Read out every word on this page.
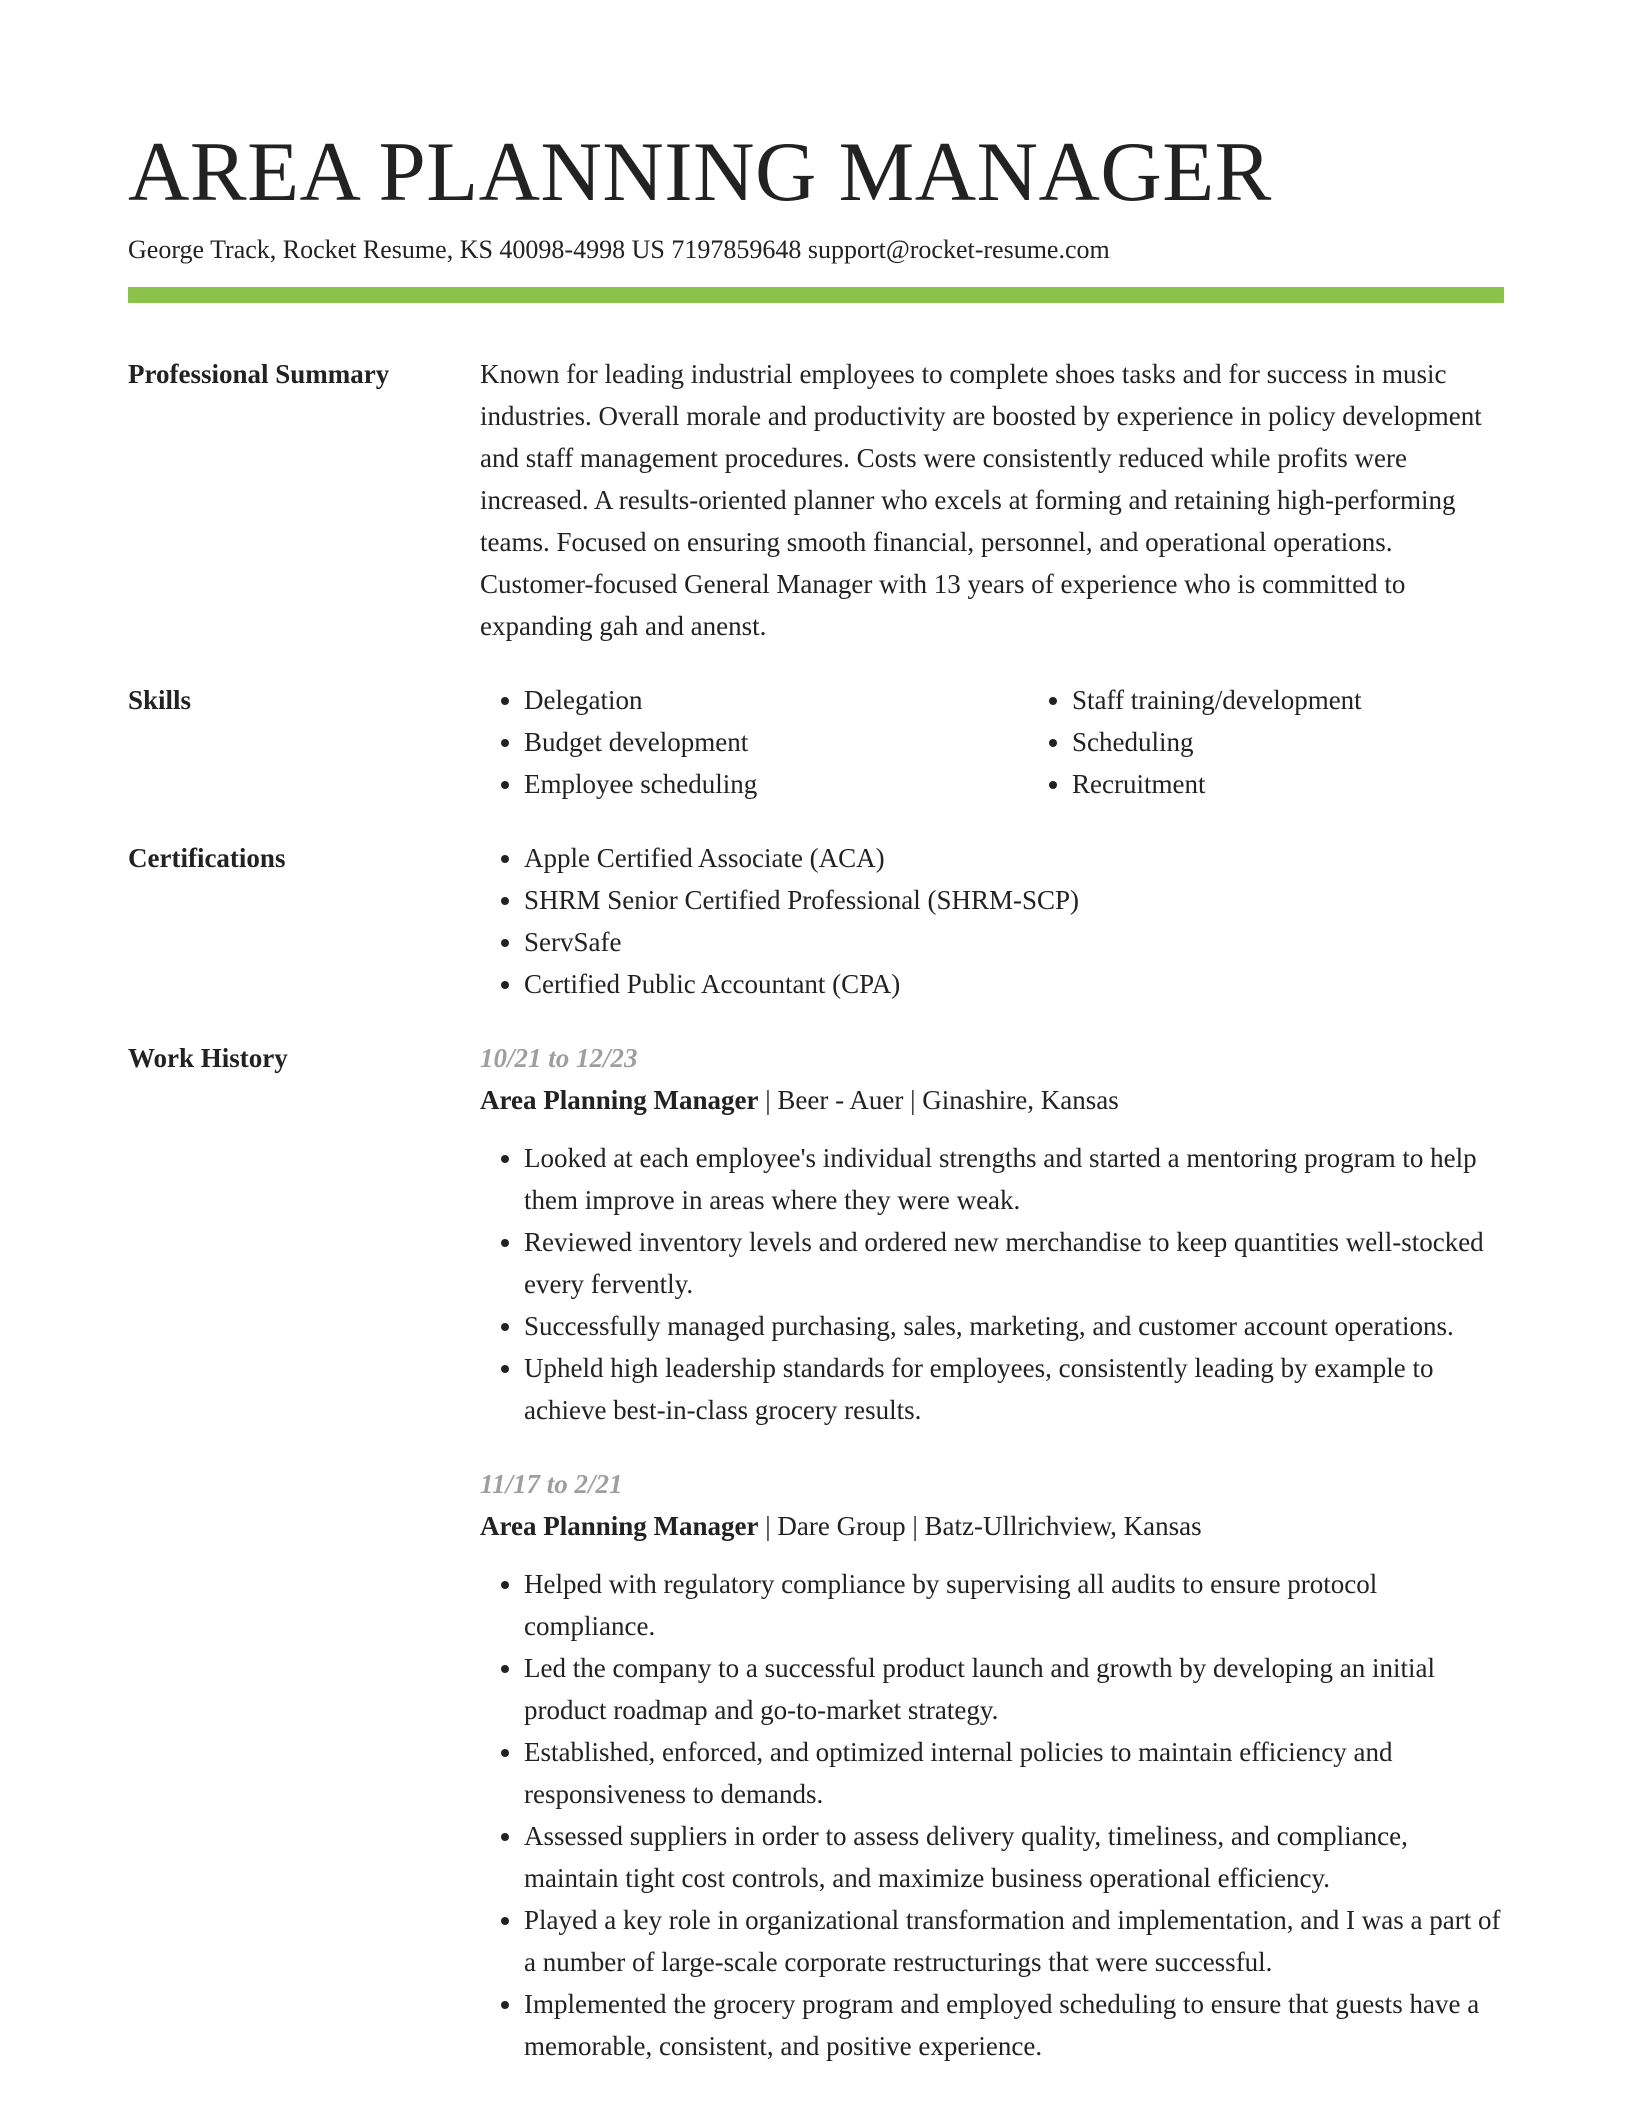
AREA PLANNING MANAGER
George Track, Rocket Resume, KS 40098-4998 US 7197859648 support@rocket-resume.com
Professional Summary	Known for leading industrial employees to complete shoes tasks and for success in music industries. Overall morale and productivity are boosted by experience in policy development and staff management procedures. Costs were consistently reduced while profits were increased. A results-oriented planner who excels at forming and retaining high-performing teams. Focused on ensuring smooth financial, personnel, and operational operations. Customer-focused General Manager with 13 years of experience who is committed to expanding gah and anenst.
Skills	• Delegation
• Budget development
• Employee scheduling
• Staff training/development
• Scheduling
• Recruitment
Certifications	• Apple Certified Associate (ACA)
• SHRM Senior Certified Professional (SHRM-SCP)
• ServSafe
• Certified Public Accountant (CPA)
Work History	10/21 to 12/23
Area Planning Manager | Beer - Auer | Ginashire, Kansas
• Looked at each employee's individual strengths and started a mentoring program to help them improve in areas where they were weak.
• Reviewed inventory levels and ordered new merchandise to keep quantities well-stocked every fervently.
• Successfully managed purchasing, sales, marketing, and customer account operations.
• Upheld high leadership standards for employees, consistently leading by example to achieve best-in-class grocery results.
11/17 to 2/21
Area Planning Manager | Dare Group | Batz-Ullrichview, Kansas
• Helped with regulatory compliance by supervising all audits to ensure protocol compliance.
• Led the company to a successful product launch and growth by developing an initial product roadmap and go-to-market strategy.
• Established, enforced, and optimized internal policies to maintain efficiency and responsiveness to demands.
• Assessed suppliers in order to assess delivery quality, timeliness, and compliance, maintain tight cost controls, and maximize business operational efficiency.
• Played a key role in organizational transformation and implementation, and I was a part of a number of large-scale corporate restructurings that were successful.
• Implemented the grocery program and employed scheduling to ensure that guests have a memorable, consistent, and positive experience.
